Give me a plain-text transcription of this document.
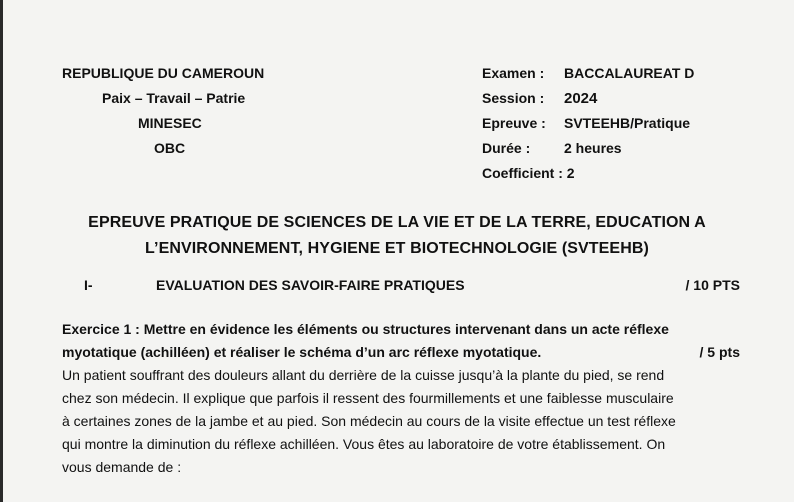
REPUBLIQUE DU CAMEROUN
Paix – Travail – Patrie
MINESEC
OBC
Examen : BACCALAUREAT D
Session : 2024
Epreuve : SVTEEHB/Pratique
Durée : 2 heures
Coefficient : 2
EPREUVE PRATIQUE DE SCIENCES DE LA VIE ET DE LA TERRE, EDUCATION A
L’ENVIRONNEMENT, HYGIENE ET BIOTECHNOLOGIE (SVTEEHB)
I-	EVALUATION DES SAVOIR-FAIRE PRATIQUES	/ 10 PTS
Exercice 1 : Mettre en évidence les éléments ou structures intervenant dans un acte réflexe
myotatique (achilléen) et réaliser le schéma d’un arc réflexe myotatique.	/ 5 pts
Un patient souffrant des douleurs allant du derrière de la cuisse jusqu’à la plante du pied, se rend
chez son médecin. Il explique que parfois il ressent des fourmillements et une faiblesse musculaire
à certaines zones de la jambe et au pied. Son médecin au cours de la visite effectue un test réflexe
qui montre la diminution du réflexe achilléen. Vous êtes au laboratoire de votre établissement. On
vous demande de :
